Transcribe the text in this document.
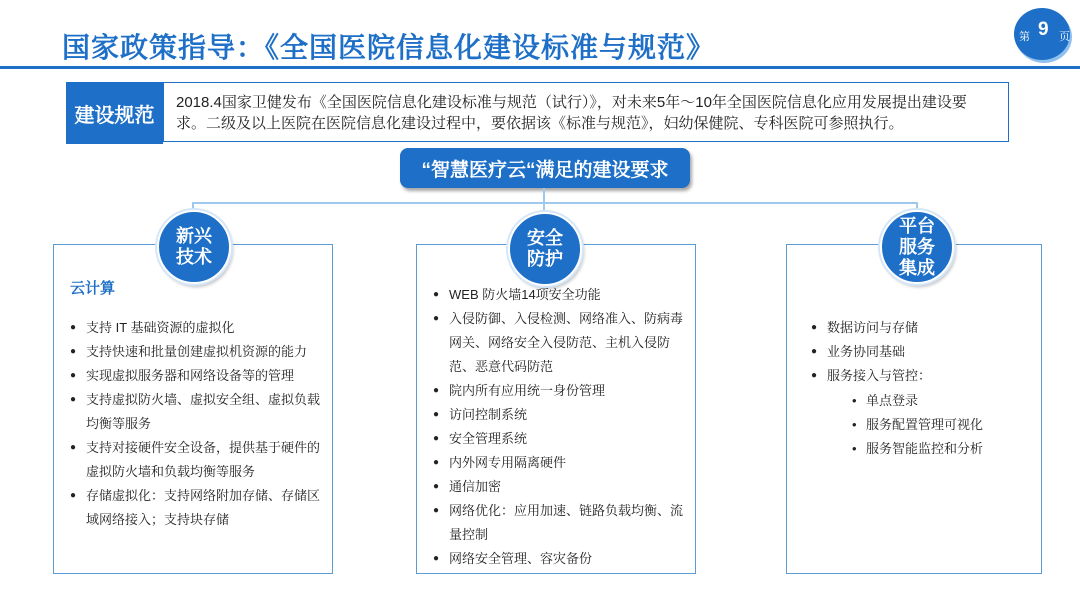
国家政策指导：《全国医院信息化建设标准与规范》	第 9 页
建设规范
2018.4国家卫健发布《全国医院信息化建设标准与规范（试行）》，对未来5年～10年全国医院信息化应用发展提出建设要求。二级及以上医院在医院信息化建设过程中，要依据该《标准与规范》，妇幼保健院、专科医院可参照执行。
“智慧医疗云“满足的建设要求
新兴
技术
云计算
● 支持 IT 基础资源的虚拟化
● 支持快速和批量创建虚拟机资源的能力
● 实现虚拟服务器和网络设备等的管理
● 支持虚拟防火墙、虚拟安全组、虚拟负载均衡等服务
● 支持对接硬件安全设备，提供基于硬件的虚拟防火墙和负载均衡等服务
● 存储虚拟化：支持网络附加存储、存储区域网络接入；支持块存储
安全
防护
● WEB 防火墙14项安全功能
● 入侵防御、入侵检测、网络准入、防病毒网关、网络安全入侵防范、主机入侵防范、恶意代码防范
● 院内所有应用统一身份管理
● 访问控制系统
● 安全管理系统
● 内外网专用隔离硬件
● 通信加密
● 网络优化：应用加速、链路负载均衡、流量控制
● 网络安全管理、容灾备份
平台
服务
集成
● 数据访问与存储
● 业务协同基础
● 服务接入与管控：
• 单点登录
• 服务配置管理可视化
• 服务智能监控和分析
